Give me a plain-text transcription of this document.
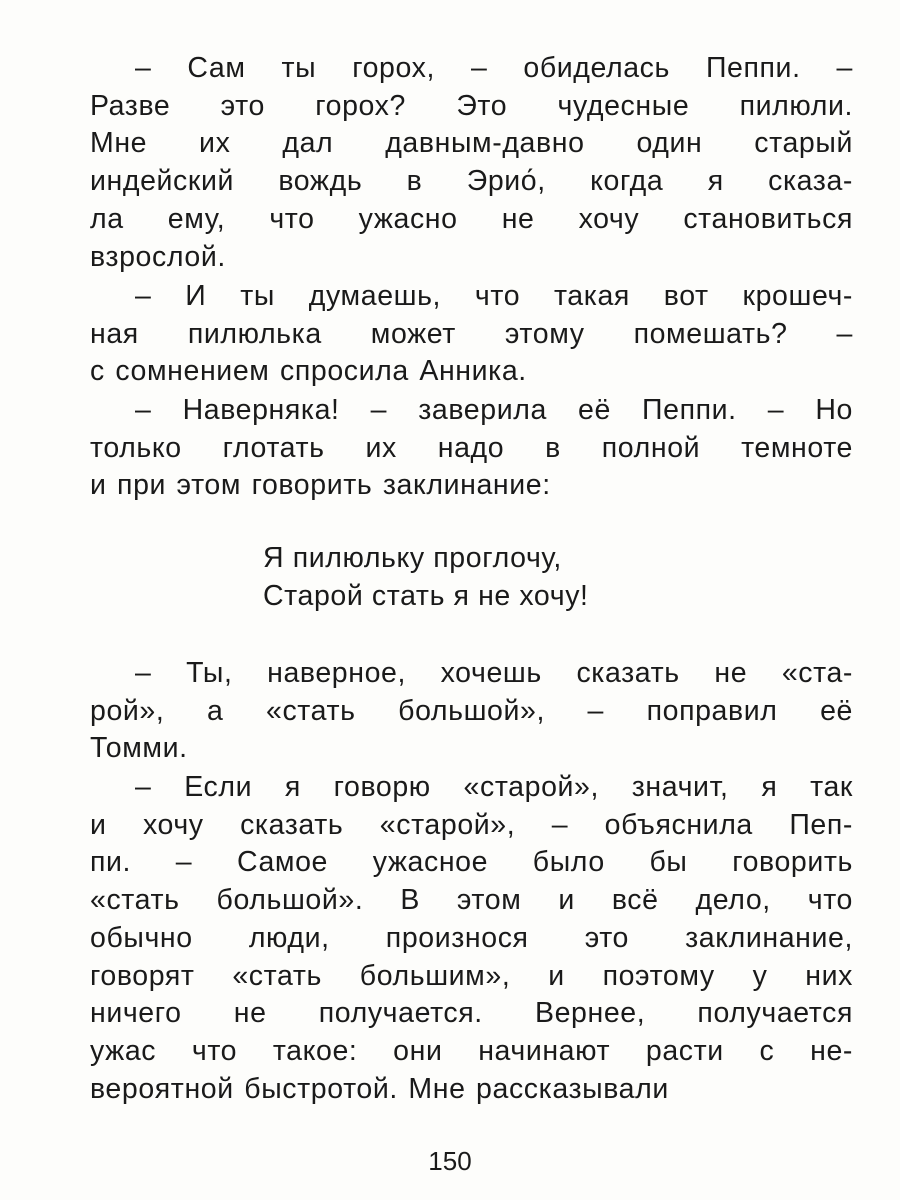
– Сам ты горох, – обиделась Пеппи. –
Разве это горох? Это чудесные пилюли.
Мне их дал давным-давно один старый
индейский вождь в Эрио́, когда я сказа-
ла ему, что ужасно не хочу становиться
взрослой.
– И ты думаешь, что такая вот крошеч-
ная пилюлька может этому помешать? –
с сомнением спросила Анника.
– Наверняка! – заверила её Пеппи. – Но
только глотать их надо в полной темноте
и при этом говорить заклинание:
– Ты, наверное, хочешь сказать не «ста-
рой», а «стать большой», – поправил её
Томми.
– Если я говорю «старой», значит, я так
и хочу сказать «старой», – объяснила Пеп-
пи. – Самое ужасное было бы говорить
«стать большой». В этом и всё дело, что
обычно люди, произнося это заклинание,
говорят «стать большим», и поэтому у них
ничего не получается. Вернее, получается
ужас что такое: они начинают расти с не-
вероятной быстротой. Мне рассказывали
Я пилюльку проглочу,
Старой стать я не хочу!
150
